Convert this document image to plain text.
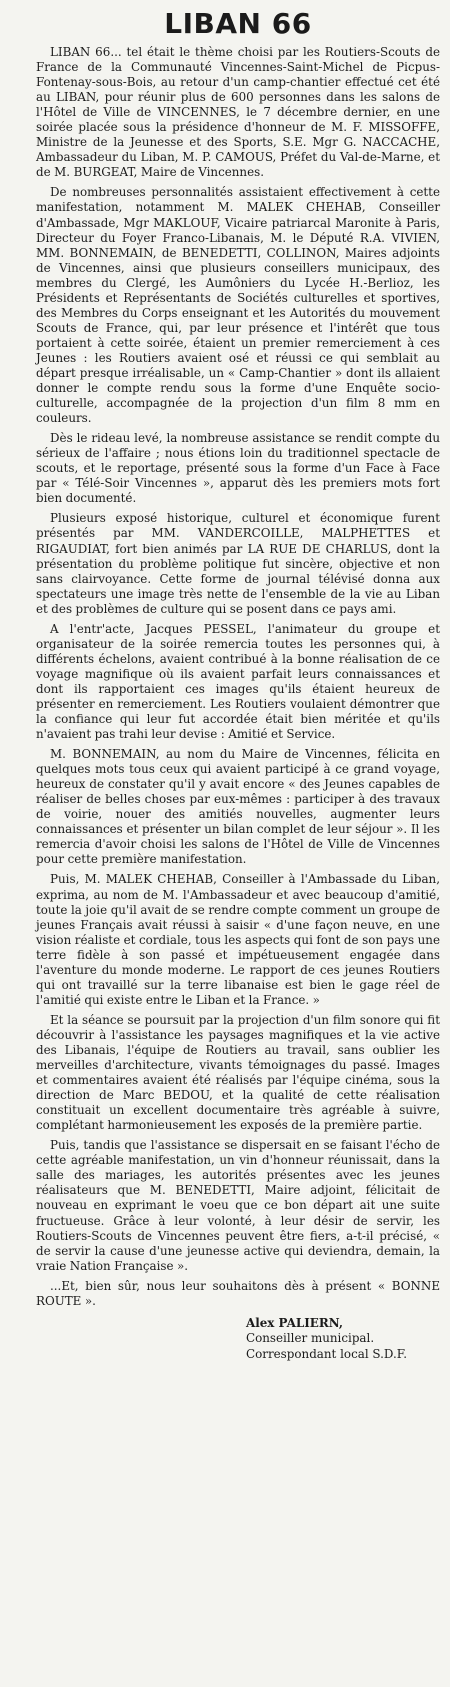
LIBAN 66

LIBAN 66... tel était le thème choisi par les Routiers-Scouts de France de la Communauté Vincennes-Saint-Michel de Picpus-Fontenay-sous-Bois, au retour d'un camp-chantier effectué cet été au LIBAN, pour réunir plus de 600 personnes dans les salons de l'Hôtel de Ville de VINCENNES, le 7 décembre dernier, en une soirée placée sous la présidence d'honneur de M. F. MISSOFFE, Ministre de la Jeunesse et des Sports, S.E. Mgr G. NACCACHE, Ambassadeur du Liban, M. P. CAMOUS, Préfet du Val-de-Marne, et de M. BURGEAT, Maire de Vincennes.

De nombreuses personnalités assistaient effectivement à cette manifestation, notamment M. MALEK CHEHAB, Conseiller d'Ambassade, Mgr MAKLOUF, Vicaire patriarcal Maronite à Paris, Directeur du Foyer Franco-Libanais, M. le Député R.A. VIVIEN, MM. BONNEMAIN, de BENEDETTI, COLLINON, Maires adjoints de Vincennes, ainsi que plusieurs conseillers municipaux, des membres du Clergé, les Aumôniers du Lycée H.-Berlioz, les Présidents et Représentants de Sociétés culturelles et sportives, des Membres du Corps enseignant et les Autorités du mouvement Scouts de France, qui, par leur présence et l'intérêt que tous portaient à cette soirée, étaient un premier remerciement à ces Jeunes : les Routiers avaient osé et réussi ce qui semblait au départ presque irréalisable, un « Camp-Chantier » dont ils allaient donner le compte rendu sous la forme d'une Enquête socio-culturelle, accompagnée de la projection d'un film 8 mm en couleurs.

Dès le rideau levé, la nombreuse assistance se rendit compte du sérieux de l'affaire ; nous étions loin du traditionnel spectacle de scouts, et le reportage, présenté sous la forme d'un Face à Face par « Télé-Soir Vincennes », apparut dès les premiers mots fort bien documenté.

Plusieurs exposé historique, culturel et économique furent présentés par MM. VANDERCOILLE, MALPHETTES et RIGAUDIAT, fort bien animés par LA RUE DE CHARLUS, dont la présentation du problème politique fut sincère, objective et non sans clairvoyance. Cette forme de journal télévisé donna aux spectateurs une image très nette de l'ensemble de la vie au Liban et des problèmes de culture qui se posent dans ce pays ami.

A l'entr'acte, Jacques PESSEL, l'animateur du groupe et organisateur de la soirée remercia toutes les personnes qui, à différents échelons, avaient contribué à la bonne réalisation de ce voyage magnifique où ils avaient parfait leurs connaissances et dont ils rapportaient ces images qu'ils étaient heureux de présenter en remerciement. Les Routiers voulaient démontrer que la confiance qui leur fut accordée était bien méritée et qu'ils n'avaient pas trahi leur devise : Amitié et Service.

M. BONNEMAIN, au nom du Maire de Vincennes, félicita en quelques mots tous ceux qui avaient participé à ce grand voyage, heureux de constater qu'il y avait encore « des Jeunes capables de réaliser de belles choses par eux-mêmes : participer à des travaux de voirie, nouer des amitiés nouvelles, augmenter leurs connaissances et présenter un bilan complet de leur séjour ». Il les remercia d'avoir choisi les salons de l'Hôtel de Ville de Vincennes pour cette première manifestation.

Puis, M. MALEK CHEHAB, Conseiller à l'Ambassade du Liban, exprima, au nom de M. l'Ambassadeur et avec beaucoup d'amitié, toute la joie qu'il avait de se rendre compte comment un groupe de jeunes Français avait réussi à saisir « d'une façon neuve, en une vision réaliste et cordiale, tous les aspects qui font de son pays une terre fidèle à son passé et impétueusement engagée dans l'aventure du monde moderne. Le rapport de ces jeunes Routiers qui ont travaillé sur la terre libanaise est bien le gage réel de l'amitié qui existe entre le Liban et la France. »

Et la séance se poursuit par la projection d'un film sonore qui fit découvrir à l'assistance les paysages magnifiques et la vie active des Libanais, l'équipe de Routiers au travail, sans oublier les merveilles d'architecture, vivants témoignages du passé. Images et commentaires avaient été réalisés par l'équipe cinéma, sous la direction de Marc BEDOU, et la qualité de cette réalisation constituait un excellent documentaire très agréable à suivre, complétant harmonieusement les exposés de la première partie.

Puis, tandis que l'assistance se dispersait en se faisant l'écho de cette agréable manifestation, un vin d'honneur réunissait, dans la salle des mariages, les autorités présentes avec les jeunes réalisateurs que M. BENEDETTI, Maire adjoint, félicitait de nouveau en exprimant le voeu que ce bon départ ait une suite fructueuse. Grâce à leur volonté, à leur désir de servir, les Routiers-Scouts de Vincennes peuvent être fiers, a-t-il précisé, « de servir la cause d'une jeunesse active qui deviendra, demain, la vraie Nation Française ».

...Et, bien sûr, nous leur souhaitons dès à présent « BONNE ROUTE ».

Alex PALIERN,
Conseiller municipal.
Correspondant local S.D.F.
